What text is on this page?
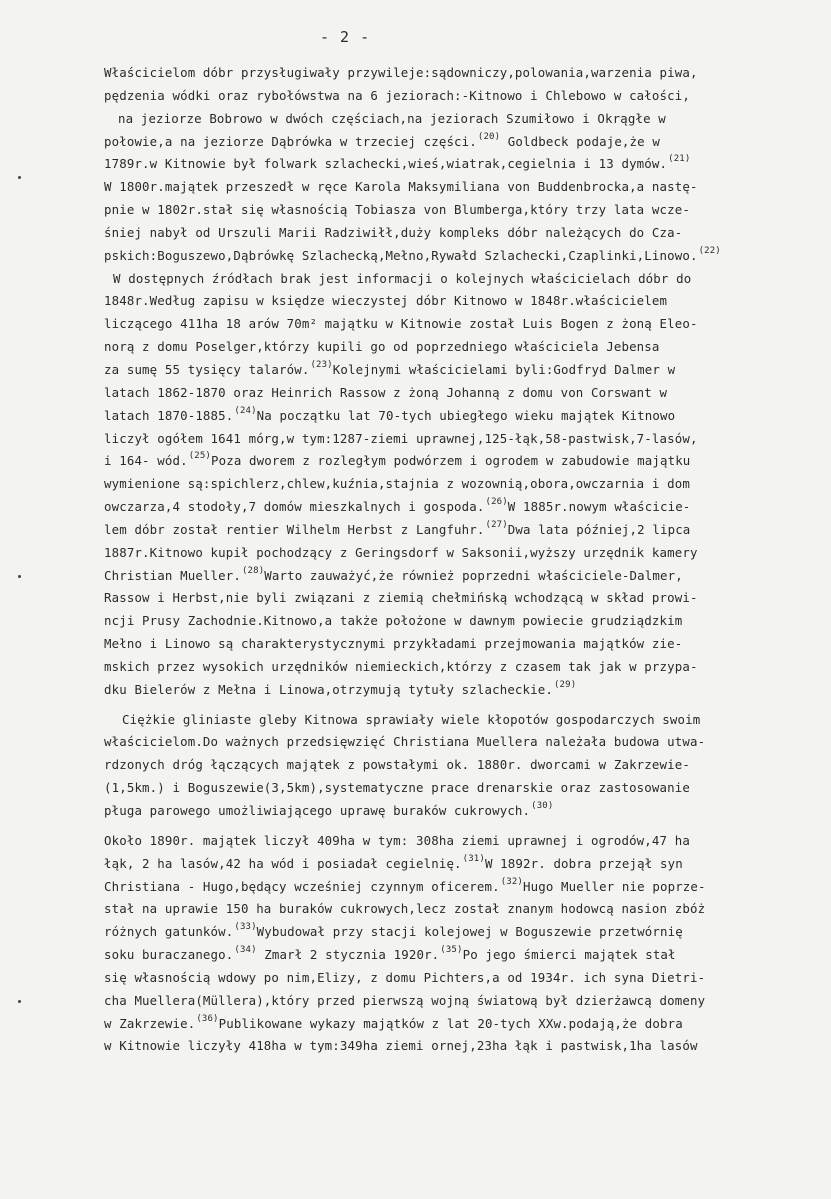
- 2 -
Właścicielom dóbr przysługiwały przywileje:sądowniczy,polowania,warzenia piwa,
pędzenia wódki oraz rybołówstwa na 6 jeziorach:-Kitnowo i Chlebowo w całości,
na jeziorze Bobrowo w dwóch częściach,na jeziorach Szumiłowo i Okrągłe w
połowie,a na jeziorze Dąbrówka w trzeciej części.$^{(20)}$ Goldbeck podaje,że w
1789r.w Kitnowie był folwark szlachecki,wieś,wiatrak,cegielnia i 13 dymów.$^{(21)}$
W 1800r.majątek przeszedł w ręce Karola Maksymiliana von Buddenbrocka,a nastę-
pnie w 1802r.stał się własnością Tobiasza von Blumberga,który trzy lata wcze-
śniej nabył od Urszuli Marii Radziwiłł,duży kompleks dóbr należących do Cza-
pskich:Boguszewo,Dąbrówkę Szlachecką,Mełno,Rywałd Szlachecki,Czaplinki,Linowo.$^{(22)}$
W dostępnych źródłach brak jest informacji o kolejnych właścicielach dóbr do
1848r.Według zapisu w księdze wieczystej dóbr Kitnowo w 1848r.właścicielem
liczącego 411ha 18 arów 70m² majątku w Kitnowie został Luis Bogen z żoną Eleo-
norą z domu Poselger,którzy kupili go od poprzedniego właściciela Jebensa
za sumę 55 tysięcy talarów.$^{(23)}$Kolejnymi właścicielami byli:Godfryd Dalmer w
latach 1862-1870 oraz Heinrich Rassow z żoną Johanną z domu von Corswant w
latach 1870-1885.$^{(24)}$Na początku lat 70-tych ubiegłego wieku majątek Kitnowo
liczył ogółem 1641 mórg,w tym:1287-ziemi uprawnej,125-łąk,58-pastwisk,7-lasów,
i 164- wód.$^{(25)}$Poza dworem z rozległym podwórzem i ogrodem w zabudowie majątku
wymienione są:spichlerz,chlew,kuźnia,stajnia z wozownią,obora,owczarnia i dom
owczarza,4 stodoły,7 domów mieszkalnych i gospoda.$^{(26)}$W 1885r.nowym właścicie-
lem dóbr został rentier Wilhelm Herbst z Langfuhr.$^{(27)}$Dwa lata później,2 lipca
1887r.Kitnowo kupił pochodzący z Geringsdorf w Saksonii,wyższy urzędnik kamery
Christian Mueller.$^{(28)}$Warto zauważyć,że również poprzedni właściciele-Dalmer,
Rassow i Herbst,nie byli związani z ziemią chełmińską wchodzącą w skład prowi-
ncji Prusy Zachodnie.Kitnowo,a także położone w dawnym powiecie grudziądzkim
Mełno i Linowo są charakterystycznymi przykładami przejmowania majątków zie-
mskich przez wysokich urzędników niemieckich,którzy z czasem tak jak w przypa-
dku Bielerów z Mełna i Linowa,otrzymują tytuły szlacheckie.$^{(29)}$
Ciężkie gliniaste gleby Kitnowa sprawiały wiele kłopotów gospodarczych swoim
właścicielom.Do ważnych przedsięwzięć Christiana Muellera należała budowa utwa-
rdzonych dróg łączących majątek z powstałymi ok. 1880r. dworcami w Zakrzewie-
(1,5km.) i Boguszewie(3,5km),systematyczne prace drenarskie oraz zastosowanie
pługa parowego umożliwiającego uprawę buraków cukrowych.$^{(30)}$
Około 1890r. majątek liczył 409ha w tym: 308ha ziemi uprawnej i ogrodów,47 ha
łąk, 2 ha lasów,42 ha wód i posiadał cegielnię.$^{(31)}$W 1892r. dobra przejął syn
Christiana - Hugo,będący wcześniej czynnym oficerem.$^{(32)}$Hugo Mueller nie poprze-
stał na uprawie 150 ha buraków cukrowych,lecz został znanym hodowcą nasion zbóż
różnych gatunków.$^{(33)}$Wybudował przy stacji kolejowej w Boguszewie przetwórnię
soku buraczanego.$^{(34)}$ Zmarł 2 stycznia 1920r.$^{(35)}$Po jego śmierci majątek stał
się własnością wdowy po nim,Elizy, z domu Pichters,a od 1934r. ich syna Dietri-
cha Muellera(Müllera),który przed pierwszą wojną światową był dzierżawcą domeny
w Zakrzewie.$^{(36)}$Publikowane wykazy majątków z lat 20-tych XXw.podają,że dobra
w Kitnowie liczyły 418ha w tym:349ha ziemi ornej,23ha łąk i pastwisk,1ha lasów
